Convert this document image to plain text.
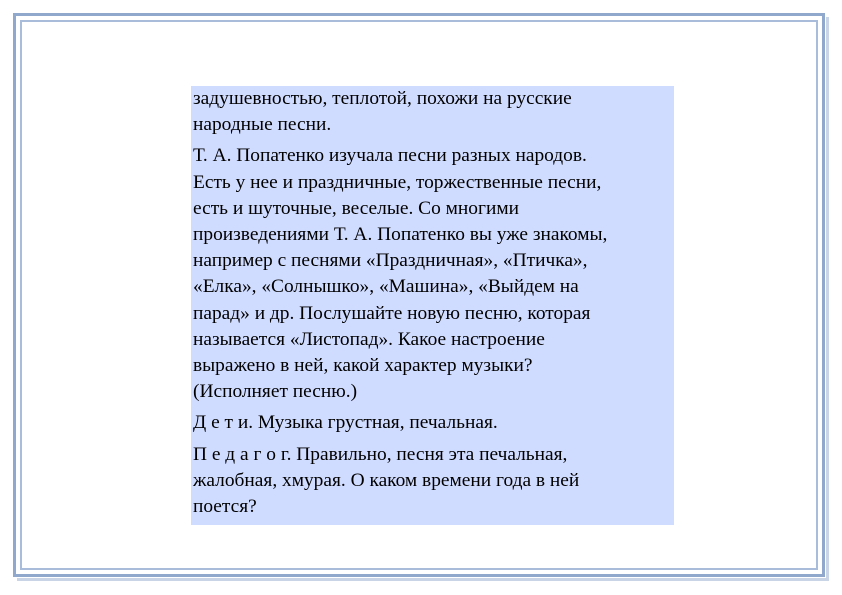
задушевностью, теплотой, похожи на русские
народные песни.

Т. А. Попатенко изучала песни разных народов.
Есть у нее и праздничные, торжественные песни,
есть и шуточные, веселые. Со многими
произведениями Т. А. Попатенко вы уже знакомы,
например с песнями «Праздничная», «Птичка»,
«Елка», «Солнышко», «Машина», «Выйдем на
парад» и др. Послушайте новую песню, которая
называется «Листопад». Какое настроение
выражено в ней, какой характер музыки?
(Исполняет песню.)

Д е т и. Музыка грустная, печальная.

П е д а г о г. Правильно, песня эта печальная,
жалобная, хмурая. О каком времени года в ней
поется?
